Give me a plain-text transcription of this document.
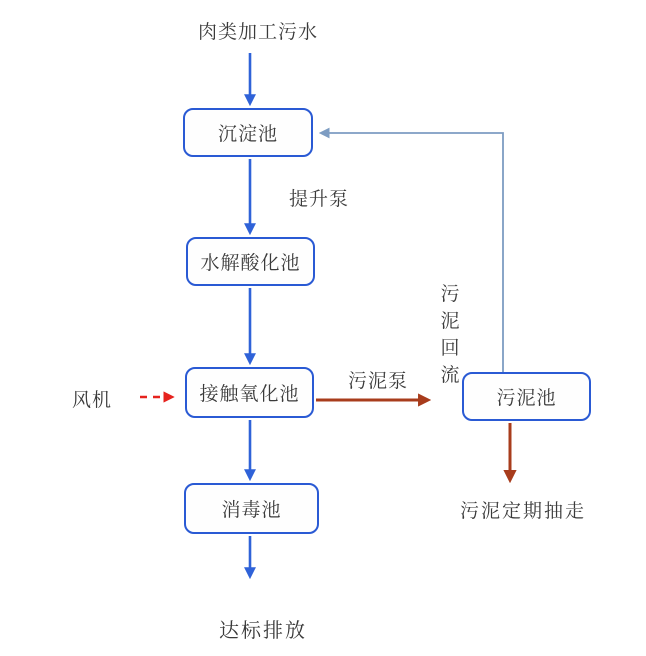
肉类加工污水
沉淀池
提升泵
水解酸化池
风机	接触氧化池
污泥泵
污泥回流
污泥池
消毒池	污泥定期抽走
达标排放
